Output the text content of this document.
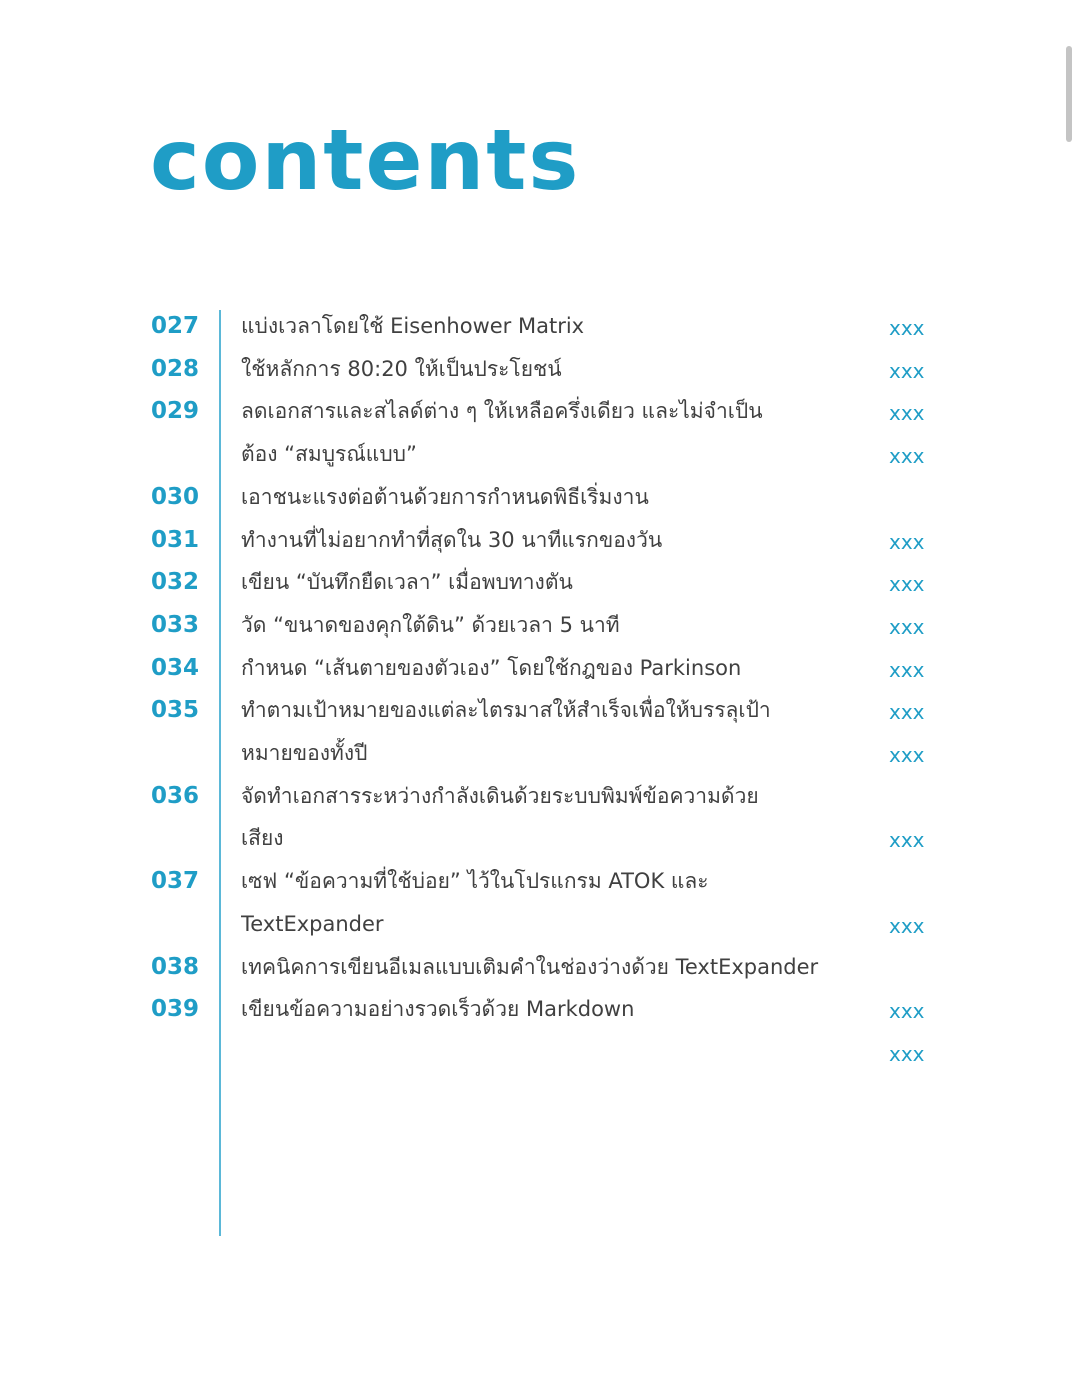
contents
027 แบ่งเวลาโดยใช้ Eisenhower Matrix	xxx
028 ใช้หลักการ 80:20 ให้เป็นประโยชน์	xxx
029 ลดเอกสารและสไลด์ต่าง ๆ ให้เหลือครึ่งเดียว และไม่จำเป็น	xxx
ต้อง “สมบูรณ์แบบ”	xxx
030 เอาชนะแรงต่อต้านด้วยการกำหนดพิธีเริ่มงาน
031 ทำงานที่ไม่อยากทำที่สุดใน 30 นาทีแรกของวัน	xxx
032 เขียน “บันทึกยืดเวลา” เมื่อพบทางตัน	xxx
033 วัด “ขนาดของคุกใต้ดิน” ด้วยเวลา 5 นาที	xxx
034 กำหนด “เส้นตายของตัวเอง” โดยใช้กฎของ Parkinson	xxx
035 ทำตามเป้าหมายของแต่ละไตรมาสให้สำเร็จเพื่อให้บรรลุเป้า	xxx
หมายของทั้งปี	xxx
036 จัดทำเอกสารระหว่างกำลังเดินด้วยระบบพิมพ์ข้อความด้วย
เสียง	xxx
037 เซฟ “ข้อความที่ใช้บ่อย” ไว้ในโปรแกรม ATOK และ
TextExpander	xxx
038 เทคนิคการเขียนอีเมลแบบเติมคำในช่องว่างด้วย TextExpander
039 เขียนข้อความอย่างรวดเร็วด้วย Markdown	xxx
xxx
